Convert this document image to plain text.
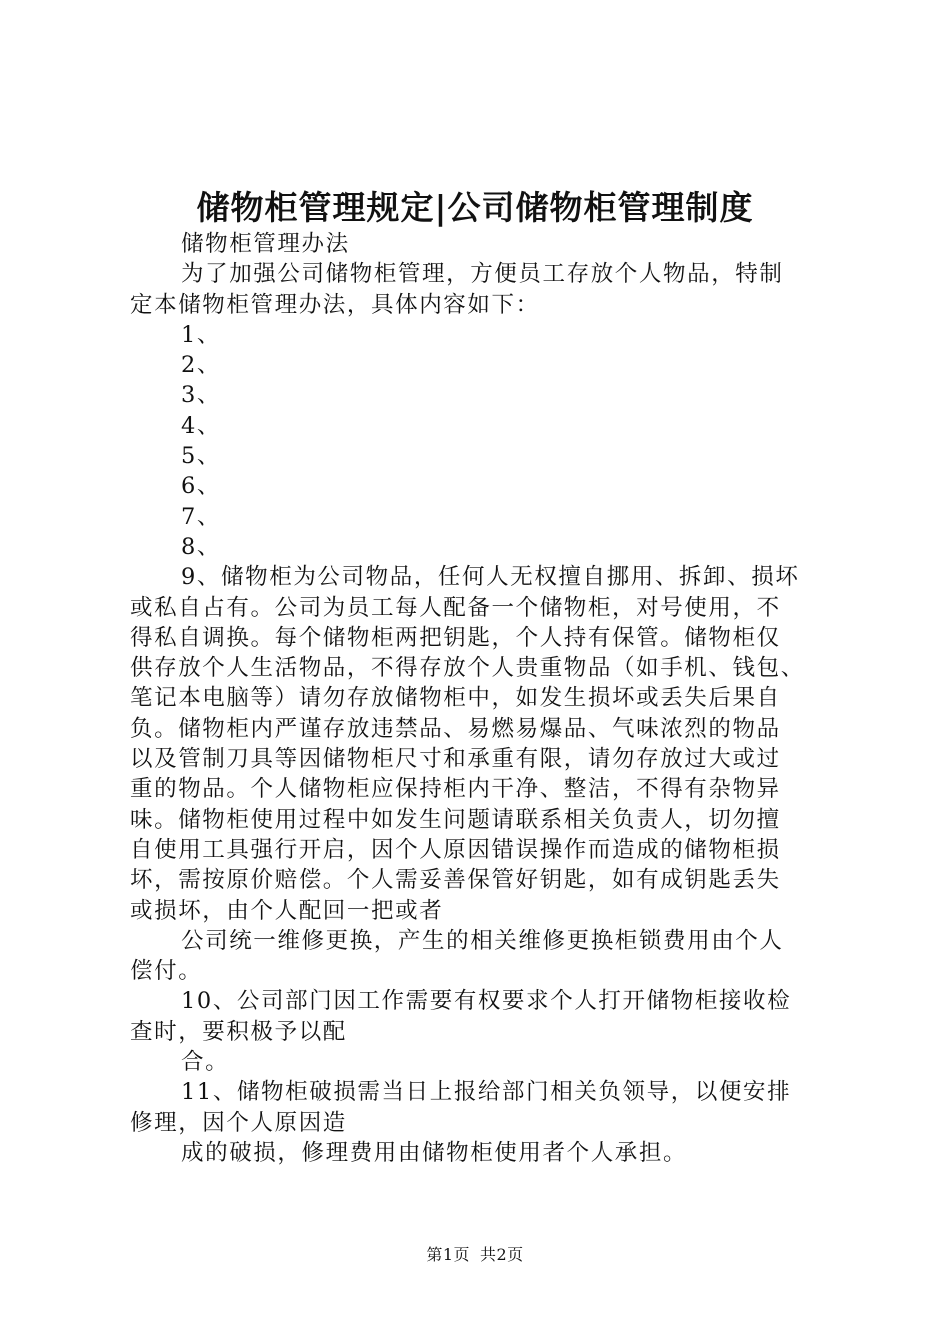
储物柜管理规定|公司储物柜管理制度
储物柜管理办法
为了加强公司储物柜管理，方便员工存放个人物品，特制
定本储物柜管理办法，具体内容如下：
1、
2、
3、
4、
5、
6、
7、
8、
9、储物柜为公司物品，任何人无权擅自挪用、拆卸、损坏
或私自占有。公司为员工每人配备一个储物柜，对号使用，不
得私自调换。每个储物柜两把钥匙，个人持有保管。储物柜仅
供存放个人生活物品，不得存放个人贵重物品（如手机、钱包、
笔记本电脑等）请勿存放储物柜中，如发生损坏或丢失后果自
负。储物柜内严谨存放违禁品、易燃易爆品、气味浓烈的物品
以及管制刀具等因储物柜尺寸和承重有限，请勿存放过大或过
重的物品。个人储物柜应保持柜内干净、整洁，不得有杂物异
味。储物柜使用过程中如发生问题请联系相关负责人，切勿擅
自使用工具强行开启，因个人原因错误操作而造成的储物柜损
坏，需按原价赔偿。个人需妥善保管好钥匙，如有成钥匙丢失
或损坏，由个人配回一把或者
公司统一维修更换，产生的相关维修更换柜锁费用由个人
偿付。
10、公司部门因工作需要有权要求个人打开储物柜接收检
查时，要积极予以配
合。
11、储物柜破损需当日上报给部门相关负领导，以便安排
修理，因个人原因造
成的破损，修理费用由储物柜使用者个人承担。
第1页 共2页
